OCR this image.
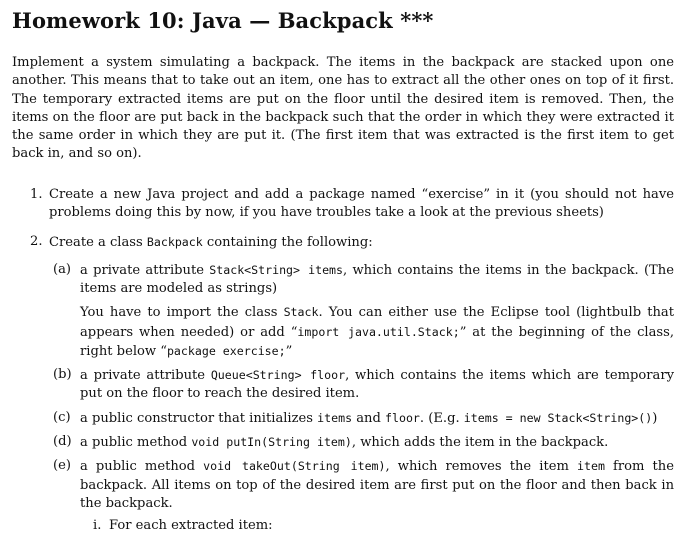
Homework 10: Java — Backpack ***

Implement a system simulating a backpack. The items in the backpack are stacked upon one another. This means that to take out an item, one has to extract all the other ones on top of it first. The temporary extracted items are put on the floor until the desired item is removed. Then, the items on the floor are put back in the backpack such that the order in which they were extracted it the same order in which they are put it. (The first item that was extracted is the first item to get back in, and so on).

1. Create a new Java project and add a package named “exercise” in it (you should not have problems doing this by now, if you have troubles take a look at the previous sheets)
2. Create a class Backpack containing the following:
(a) a private attribute Stack<String> items, which contains the items in the backpack. (The items are modeled as strings)
You have to import the class Stack. You can either use the Eclipse tool (lightbulb that appears when needed) or add “import java.util.Stack;” at the beginning of the class, right below “package exercise;”
(b) a private attribute Queue<String> floor, which contains the items which are temporary put on the floor to reach the desired item.
(c) a public constructor that initializes items and floor. (E.g. items = new Stack<String>())
(d) a public method void putIn(String item), which adds the item in the backpack.
(e) a public method void takeOut(String item), which removes the item item from the backpack. All items on top of the desired item are first put on the floor and then back in the backpack.
i. For each extracted item:
